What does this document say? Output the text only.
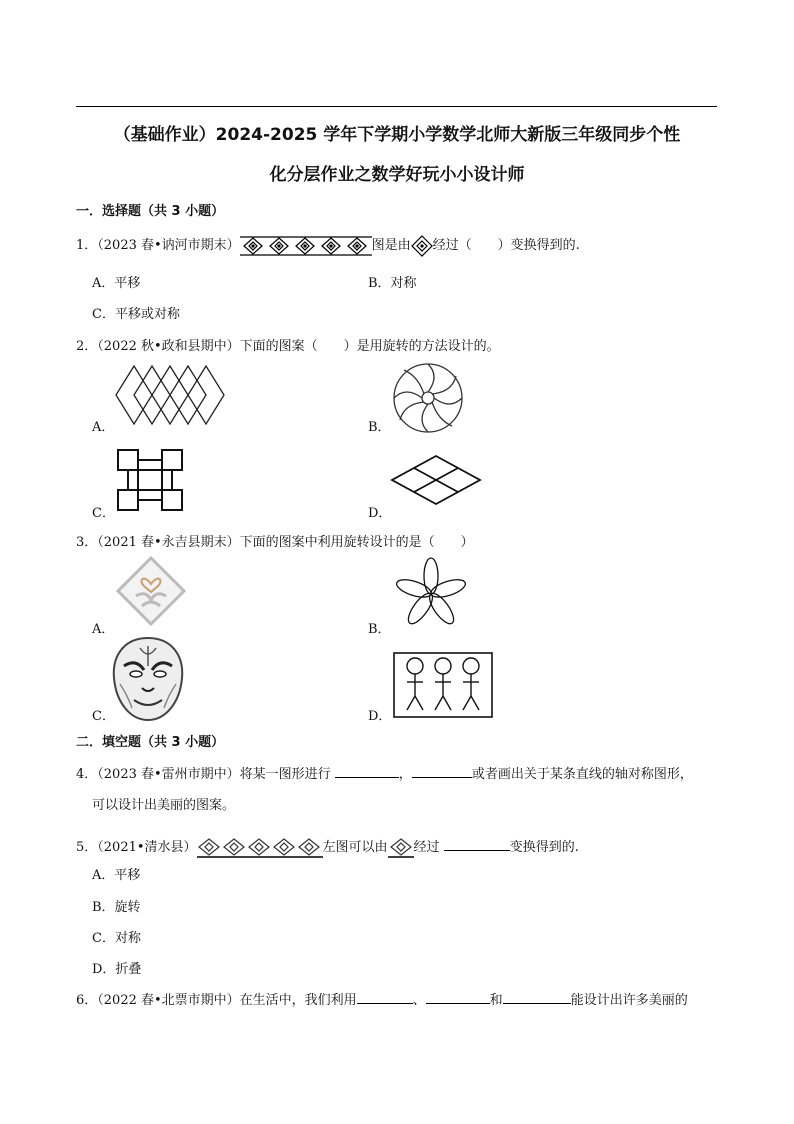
（基础作业）2024-2025 学年下学期小学数学北师大新版三年级同步个性
化分层作业之数学好玩小小设计师
一．选择题（共 3 小题）
1．（2023 春•讷河市期末）	图是由 经过（　　）变换得到的.
A．平移	B．对称
C．平移或对称
2．（2022 秋•政和县期中）下面的图案（　　）是用旋转的方法设计的。
A．	B．
C．	D．
3．（2021 春•永吉县期末）下面的图案中利用旋转设计的是（　　）
A．	B．
C．	D．
二．填空题（共 3 小题）
4．（2023 春•雷州市期中）将某一图形进行	，	或者画出关于某条直线的轴对称图形，
可以设计出美丽的图案。
5．（2021•清水县）	左图可以由 经过	变换得到的.
A．平移
B．旋转
C．对称
D．折叠
6．（2022 春•北票市期中）在生活中，我们利用	、	和	能设计出许多美丽的
